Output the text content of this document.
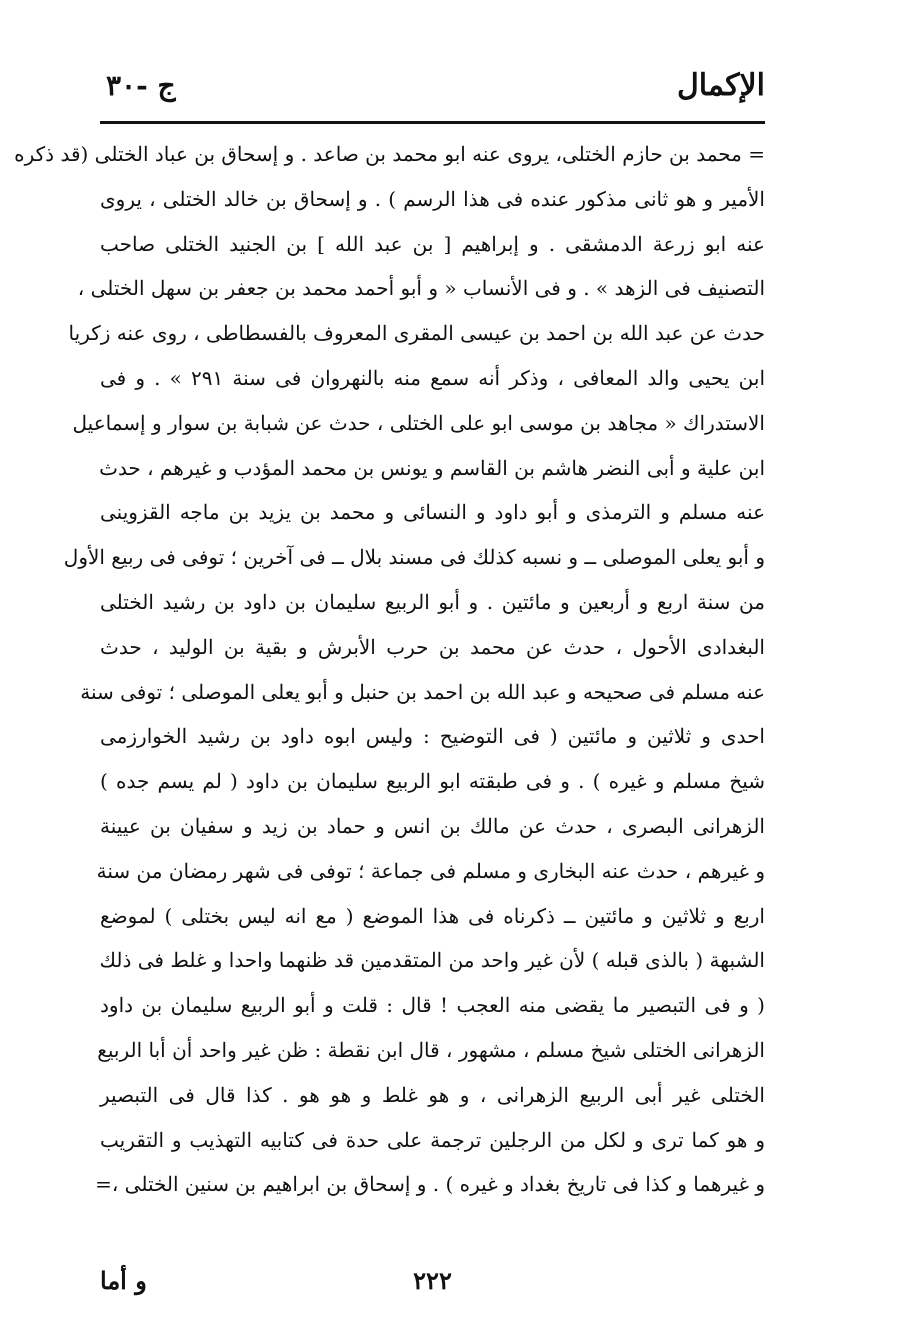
الإكمال
ج -٣٠
= محمد بن حازم الختلى، يروى عنه ابو محمد بن صاعد . و إسحاق بن عباد الختلى (قد ذكره
الأمير و هو ثانى مذكور عنده فى هذا الرسم ) . و إسحاق بن خالد الختلى ، يروى
عنه ابو زرعة الدمشقى . و إبراهيم [ بن عبد الله ] بن الجنيد الختلى صاحب
التصنيف فى الزهد » . و فى الأنساب « و أبو أحمد محمد بن جعفر بن سهل الختلى ،
حدث عن عبد الله بن احمد بن عيسى المقرى المعروف بالفسطاطى ، روى عنه زكريا
ابن يحيى والد المعافى ، وذكر أنه سمع منه بالنهروان فى سنة ٢٩١ » . و فى
الاستدراك « مجاهد بن موسى ابو على الختلى ، حدث عن شبابة بن سوار و إسماعيل
ابن علية و أبى النضر هاشم بن القاسم و يونس بن محمد المؤدب و غيرهم ، حدث
عنه مسلم و الترمذى و أبو داود و النسائى و محمد بن يزيد بن ماجه القزوينى
و أبو يعلى الموصلى ــ و نسبه كذلك فى مسند بلال ــ فى آخرين ؛ توفى فى ربيع الأول
من سنة اربع و أربعين و مائتين . و أبو الربيع سليمان بن داود بن رشيد الختلى
البغدادى الأحول ، حدث عن محمد بن حرب الأبرش و بقية بن الوليد ، حدث
عنه مسلم فى صحيحه و عبد الله بن احمد بن حنبل و أبو يعلى الموصلى ؛ توفى سنة
احدى و ثلاثين و مائتين ( فى التوضيح : وليس ابوه داود بن رشيد الخوارزمى
شيخ مسلم و غيره ) . و فى طبقته ابو الربيع سليمان بن داود ( لم يسم جده )
الزهرانى البصرى ، حدث عن مالك بن انس و حماد بن زيد و سفيان بن عيينة
و غيرهم ، حدث عنه البخارى و مسلم فى جماعة ؛ توفى فى شهر رمضان من سنة
اربع و ثلاثين و مائتين ــ ذكرناه فى هذا الموضع ( مع انه ليس بختلى ) لموضع
الشبهة ( بالذى قبله ) لأن غير واحد من المتقدمين قد ظنهما واحدا و غلط فى ذلك
( و فى التبصير ما يقضى منه العجب ! قال : قلت و أبو الربيع سليمان بن داود
الزهرانى الختلى شيخ مسلم ، مشهور ، قال ابن نقطة : ظن غير واحد أن أبا الربيع
الختلى غير أبى الربيع الزهرانى ، و هو غلط و هو هو . كذا قال فى التبصير
و هو كما ترى و لكل من الرجلين ترجمة على حدة فى كتابيه التهذيب و التقريب
و غيرهما و كذا فى تاريخ بغداد و غيره ) . و إسحاق بن ابراهيم بن سنين الختلى ،=
٢٢٢
و أما
